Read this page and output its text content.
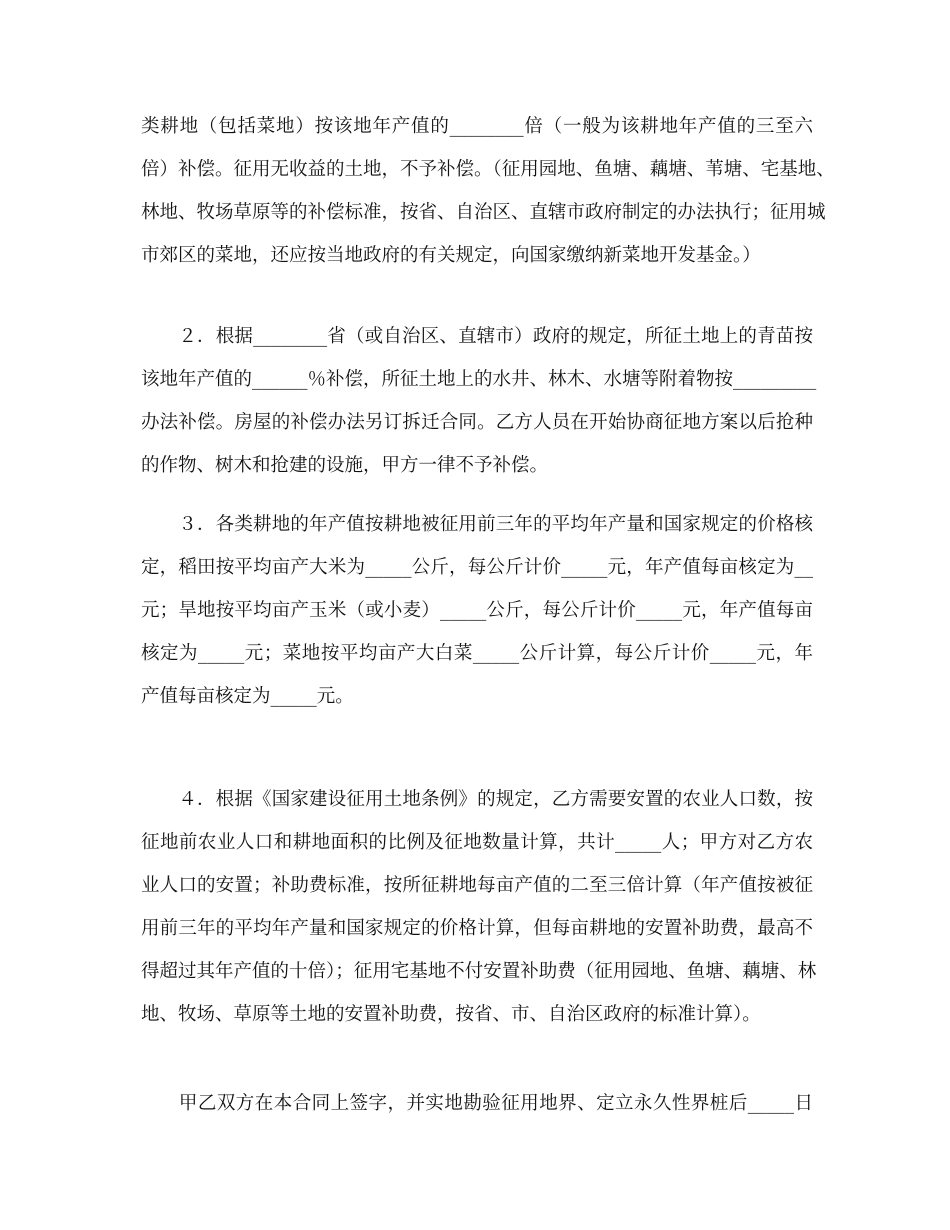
类耕地（包括菜地）按该地年产值的________倍（一般为该耕地年产值的三至六
倍）补偿。征用无收益的土地，不予补偿。（征用园地、鱼塘、藕塘、苇塘、宅基地、
林地、牧场草原等的补偿标准，按省、自治区、直辖市政府制定的办法执行；征用城
市郊区的菜地，还应按当地政府的有关规定，向国家缴纳新菜地开发基金。）
　　２．根据________省（或自治区、直辖市）政府的规定，所征土地上的青苗按
该地年产值的______％补偿，所征土地上的水井、林木、水塘等附着物按_________
办法补偿。房屋的补偿办法另订拆迁合同。乙方人员在开始协商征地方案以后抢种
的作物、树木和抢建的设施，甲方一律不予补偿。
　　３．各类耕地的年产值按耕地被征用前三年的平均年产量和国家规定的价格核
定，稻田按平均亩产大米为_____公斤，每公斤计价_____元，年产值每亩核定为__
元；旱地按平均亩产玉米（或小麦）_____公斤，每公斤计价_____元，年产值每亩
核定为_____元；菜地按平均亩产大白菜_____公斤计算，每公斤计价_____元，年
产值每亩核定为_____元。
　　４．根据《国家建设征用土地条例》的规定，乙方需要安置的农业人口数，按
征地前农业人口和耕地面积的比例及征地数量计算，共计_____人；甲方对乙方农
业人口的安置；补助费标准，按所征耕地每亩产值的二至三倍计算（年产值按被征
用前三年的平均年产量和国家规定的价格计算，但每亩耕地的安置补助费，最高不
得超过其年产值的十倍）；征用宅基地不付安置补助费（征用园地、鱼塘、藕塘、林
地、牧场、草原等土地的安置补助费，按省、市、自治区政府的标准计算）。
　　甲乙双方在本合同上签字，并实地勘验征用地界、定立永久性界桩后_____日
